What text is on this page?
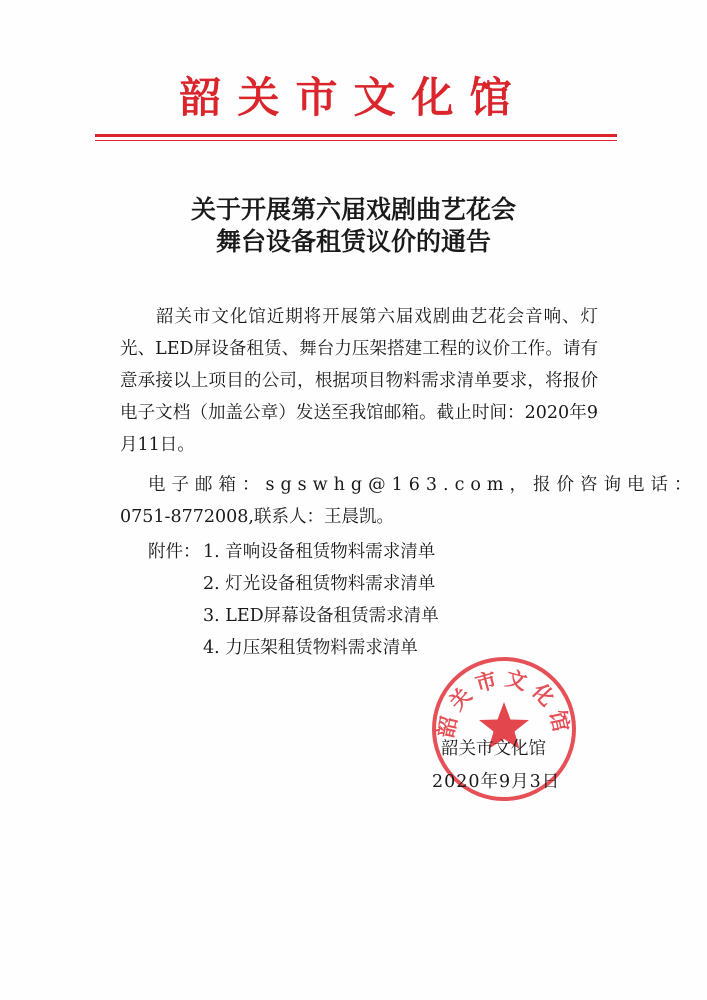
韶关市文化馆
关于开展第六届戏剧曲艺花会
舞台设备租赁议价的通告

韶关市文化馆近期将开展第六届戏剧曲艺花会音响、灯光、LED屏设备租赁、舞台力压架搭建工程的议价工作。请有意承接以上项目的公司，根据项目物料需求清单要求，将报价电子文档（加盖公章）发送至我馆邮箱。截止时间：2020年9月11日。

电子邮箱：sgswhg@163.com，报价咨询电话：
0751-8772008,联系人：王晨凯。
附件： 1. 音响设备租赁物料需求清单
2. 灯光设备租赁物料需求清单
3. LED屏幕设备租赁需求清单
4. 力压架租赁物料需求清单
韶关市文化馆
韶关市文化馆
2020年9月3日
